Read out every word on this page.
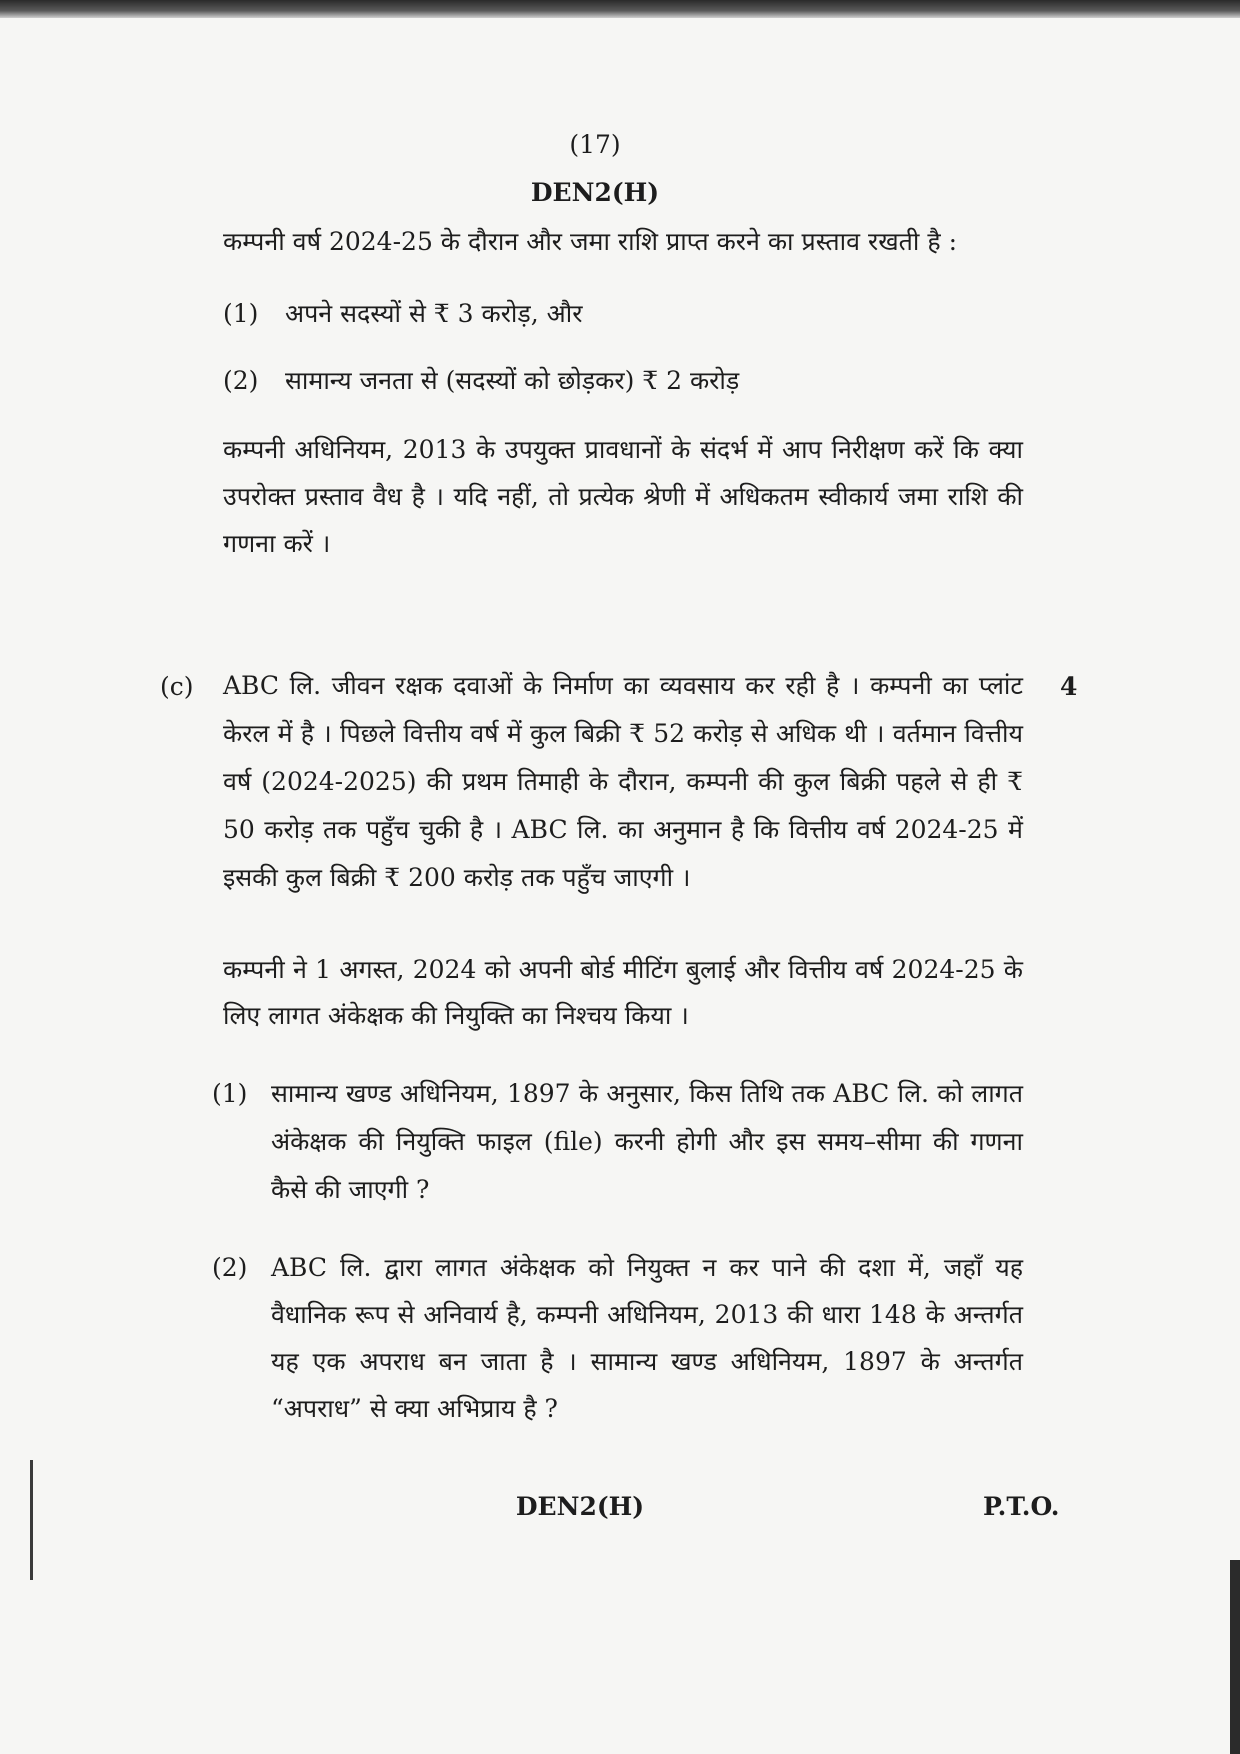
(17)
DEN2(H)
कम्पनी वर्ष 2024-25 के दौरान और जमा राशि प्राप्त करने का प्रस्ताव रखती है :
(1) अपने सदस्यों से ₹ 3 करोड़, और
(2) सामान्य जनता से (सदस्यों को छोड़कर) ₹ 2 करोड़
कम्पनी अधिनियम, 2013 के उपयुक्त प्रावधानों के संदर्भ में आप निरीक्षण करें कि क्या उपरोक्त प्रस्ताव वैध है । यदि नहीं, तो प्रत्येक श्रेणी में अधिकतम स्वीकार्य जमा राशि की गणना करें ।
(c)	4
ABC लि. जीवन रक्षक दवाओं के निर्माण का व्यवसाय कर रही है । कम्पनी का प्लांट केरल में है । पिछले वित्तीय वर्ष में कुल बिक्री ₹ 52 करोड़ से अधिक थी । वर्तमान वित्तीय वर्ष (2024-2025) की प्रथम तिमाही के दौरान, कम्पनी की कुल बिक्री पहले से ही ₹ 50 करोड़ तक पहुँच चुकी है । ABC लि. का अनुमान है कि वित्तीय वर्ष 2024-25 में इसकी कुल बिक्री ₹ 200 करोड़ तक पहुँच जाएगी ।
कम्पनी ने 1 अगस्त, 2024 को अपनी बोर्ड मीटिंग बुलाई और वित्तीय वर्ष 2024-25 के लिए लागत अंकेक्षक की नियुक्ति का निश्चय किया ।
(1) सामान्य खण्ड अधिनियम, 1897 के अनुसार, किस तिथि तक ABC लि. को लागत अंकेक्षक की नियुक्ति फाइल (file) करनी होगी और इस समय–सीमा की गणना कैसे की जाएगी ?
(2) ABC लि. द्वारा लागत अंकेक्षक को नियुक्त न कर पाने की दशा में, जहाँ यह वैधानिक रूप से अनिवार्य है, कम्पनी अधिनियम, 2013 की धारा 148 के अन्तर्गत यह एक अपराध बन जाता है । सामान्य खण्ड अधिनियम, 1897 के अन्तर्गत “अपराध” से क्या अभिप्राय है ?
DEN2(H)	P.T.O.
